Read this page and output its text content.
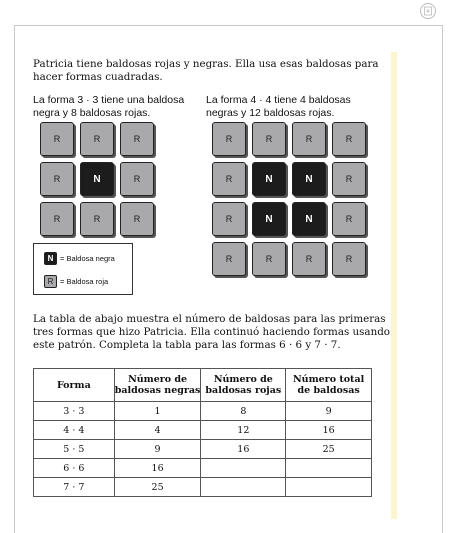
Patricia tiene baldosas rojas y negras. Ella usa esas baldosas para hacer formas cuadradas.

La forma 3 · 3 tiene una baldosa negra y 8 baldosas rojas.

La forma 4 · 4 tiene 4 baldosas negras y 12 baldosas rojas.

R	R	R
R	N	R
R	R	R
R	R	R	R
R	N	N	R
R	N	N	R
R	R	R	R
N = Baldosa negra
R = Baldosa roja

La tabla de abajo muestra el número de baldosas para las primeras tres formas que hizo Patricia. Ella continuó haciendo formas usando este patrón. Completa la tabla para las formas 6 · 6 y 7 · 7.

Forma	Número de baldosas negras	Número de baldosas rojas	Número total de baldosas
3 · 3	1	8	9
4 · 4	4	12	16
5 · 5	9	16	25
6 · 6	16		
7 · 7	25		
